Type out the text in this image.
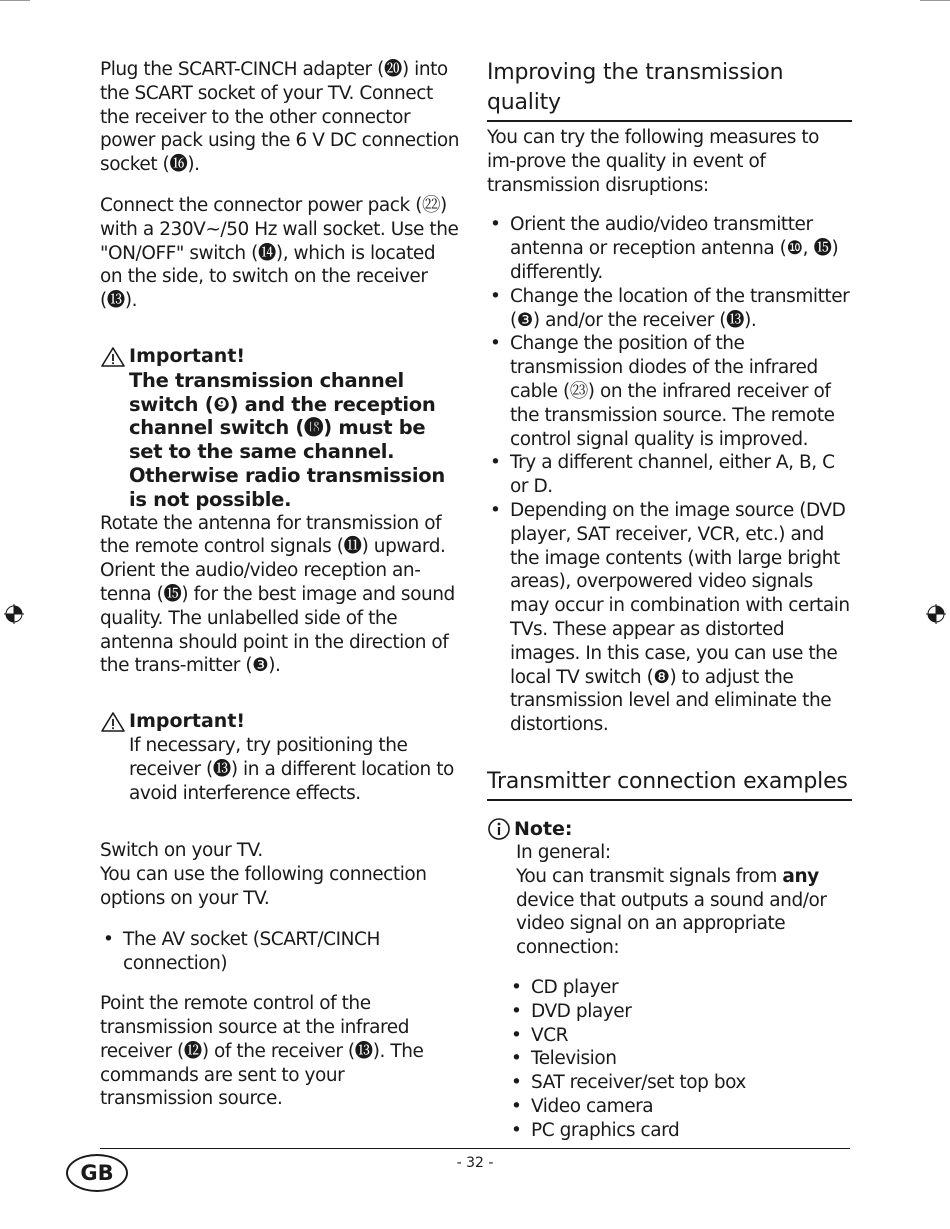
Plug the SCART-CINCH adapter (⓴) into the SCART socket of your TV. Connect the receiver to the other connector power pack using the 6 V DC connection socket (⓰).

Connect the connector power pack (㉒) with a 230V~/50 Hz wall socket. Use the "ON/OFF" switch (⓮), which is located on the side, to switch on the receiver (⓭).

Important!

The transmission channel switch (❾) and the reception channel switch (⓲) must be set to the same channel. Otherwise radio transmission is not possible.

Rotate the antenna for transmission of the remote control signals (⓫) upward. Orient the audio/video reception an-tenna (⓯) for the best image and sound quality. The unlabelled side of the antenna should point in the direction of the trans-mitter (❸).

Important!

If necessary, try positioning the receiver (⓭) in a different location to avoid interference effects.

Switch on your TV.

You can use the following connection options on your TV.

• The AV socket (SCART/CINCH connection)

Point the remote control of the transmission source at the infrared receiver (⓬) of the receiver (⓭). The commands are sent to your transmission source.

Improving the transmission quality

You can try the following measures to im-prove the quality in event of transmission disruptions:

• Orient the audio/video transmitter antenna or reception antenna (❿, ⓯) differently.
• Change the location of the transmitter (❸) and/or the receiver (⓭).
• Change the position of the transmission diodes of the infrared cable (㉓) on the infrared receiver of the transmission source. The remote control signal quality is improved.
• Try a different channel, either A, B, C or D.
• Depending on the image source (DVD player, SAT receiver, VCR, etc.) and the image contents (with large bright areas), overpowered video signals may occur in combination with certain TVs. These appear as distorted images. In this case, you can use the local TV switch (❽) to adjust the transmission level and eliminate the distortions.
Transmitter connection examples
Note:

In general:

You can transmit signals from any device that outputs a sound and/or video signal on an appropriate connection:

• CD player
• DVD player
• VCR
• Television
• SAT receiver/set top box
• Video camera
• PC graphics card
GB	- 32 -
